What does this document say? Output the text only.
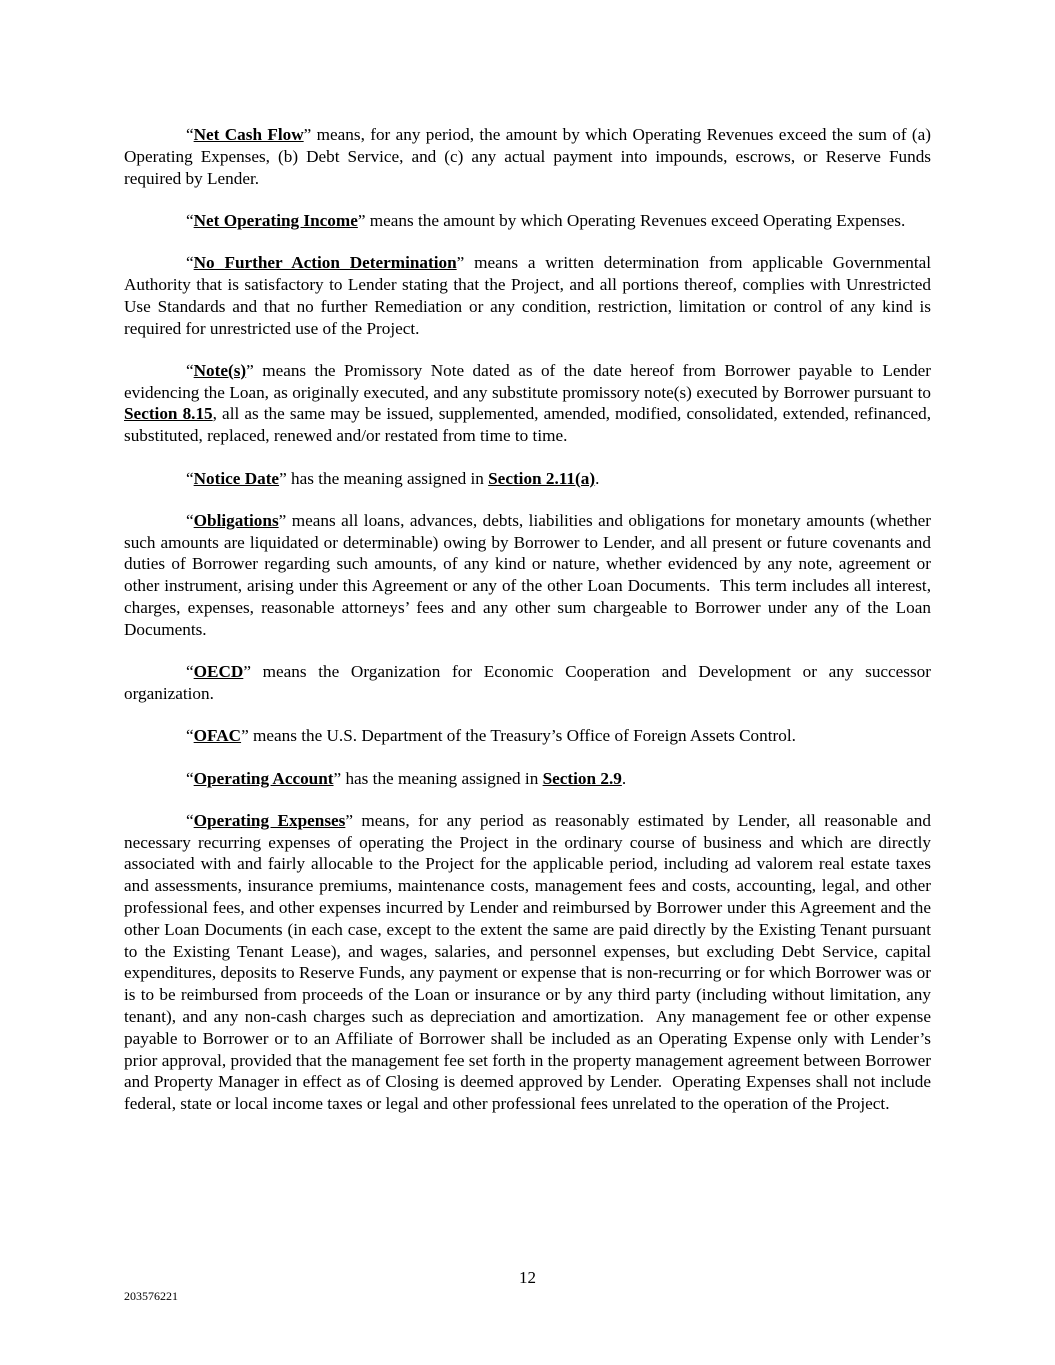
“Net Cash Flow” means, for any period, the amount by which Operating Revenues exceed the sum of (a) Operating Expenses, (b) Debt Service, and (c) any actual payment into impounds, escrows, or Reserve Funds required by Lender.

“Net Operating Income” means the amount by which Operating Revenues exceed Operating Expenses.

“No Further Action Determination” means a written determination from applicable Governmental Authority that is satisfactory to Lender stating that the Project, and all portions thereof, complies with Unrestricted Use Standards and that no further Remediation or any condition, restriction, limitation or control of any kind is required for unrestricted use of the Project.

“Note(s)” means the Promissory Note dated as of the date hereof from Borrower payable to Lender evidencing the Loan, as originally executed, and any substitute promissory note(s) executed by Borrower pursuant to Section 8.15, all as the same may be issued, supplemented, amended, modified, consolidated, extended, refinanced, substituted, replaced, renewed and/or restated from time to time.

“Notice Date” has the meaning assigned in Section 2.11(a).

“Obligations” means all loans, advances, debts, liabilities and obligations for monetary amounts (whether such amounts are liquidated or determinable) owing by Borrower to Lender, and all present or future covenants and duties of Borrower regarding such amounts, of any kind or nature, whether evidenced by any note, agreement or other instrument, arising under this Agreement or any of the other Loan Documents.  This term includes all interest, charges, expenses, reasonable attorneys’ fees and any other sum chargeable to Borrower under any of the Loan Documents.

“OECD” means the Organization for Economic Cooperation and Development or any successor organization.

“OFAC” means the U.S. Department of the Treasury’s Office of Foreign Assets Control.

“Operating Account” has the meaning assigned in Section 2.9.

“Operating Expenses” means, for any period as reasonably estimated by Lender, all reasonable and necessary recurring expenses of operating the Project in the ordinary course of business and which are directly associated with and fairly allocable to the Project for the applicable period, including ad valorem real estate taxes and assessments, insurance premiums, maintenance costs, management fees and costs, accounting, legal, and other professional fees, and other expenses incurred by Lender and reimbursed by Borrower under this Agreement and the other Loan Documents (in each case, except to the extent the same are paid directly by the Existing Tenant pursuant to the Existing Tenant Lease), and wages, salaries, and personnel expenses, but excluding Debt Service, capital expenditures, deposits to Reserve Funds, any payment or expense that is non-recurring or for which Borrower was or is to be reimbursed from proceeds of the Loan or insurance or by any third party (including without limitation, any tenant), and any non-cash charges such as depreciation and amortization.  Any management fee or other expense payable to Borrower or to an Affiliate of Borrower shall be included as an Operating Expense only with Lender’s prior approval, provided that the management fee set forth in the property management agreement between Borrower and Property Manager in effect as of Closing is deemed approved by Lender.  Operating Expenses shall not include federal, state or local income taxes or legal and other professional fees unrelated to the operation of the Project.

12
203576221
